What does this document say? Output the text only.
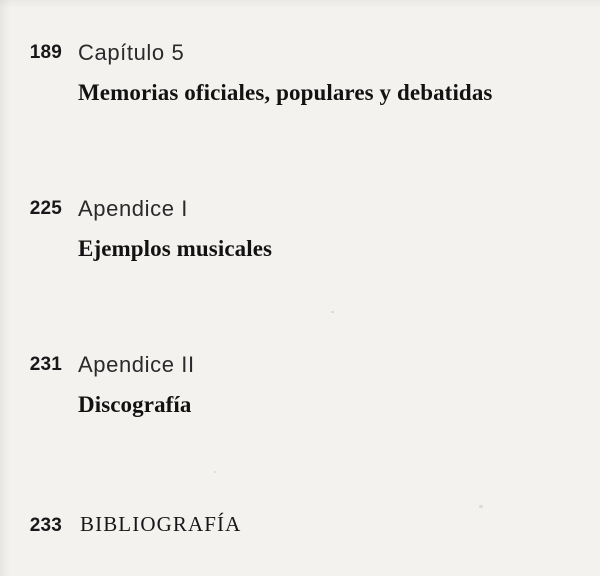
189 Capítulo 5
Memorias oficiales, populares y debatidas
225 Apendice I
Ejemplos musicales
231 Apendice II
Discografía
233 BIBLIOGRAFÍA
